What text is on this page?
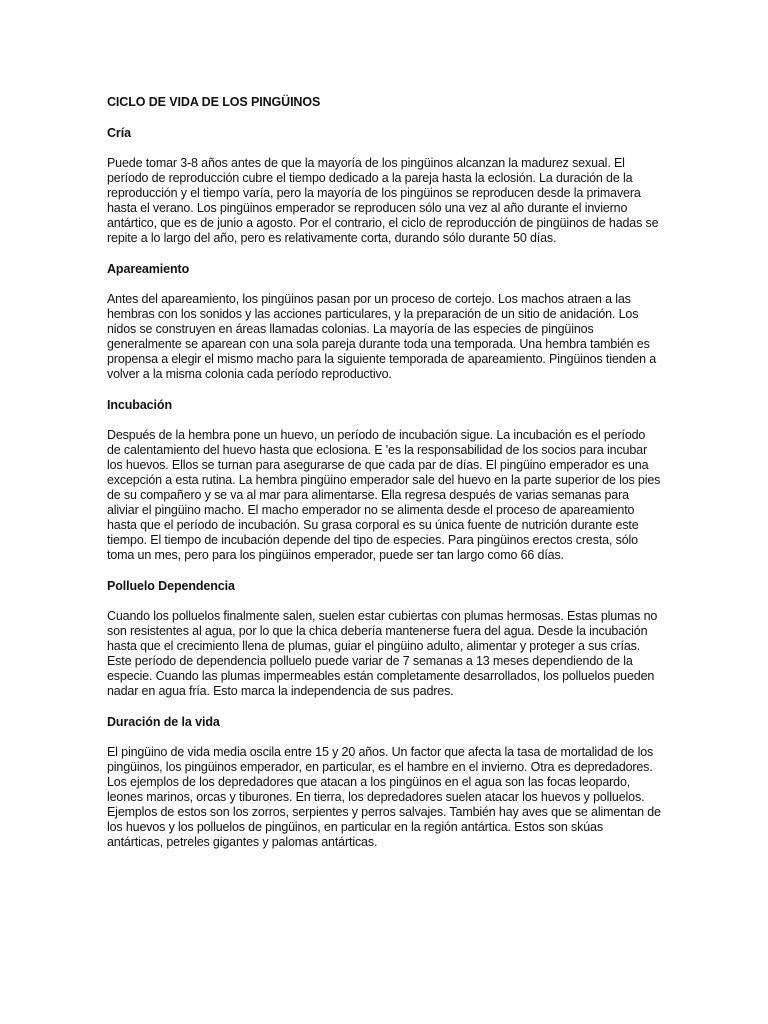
CICLO DE VIDA DE LOS PINGÜINOS
Cría

Puede tomar 3-8 años antes de que la mayoría de los pingüinos alcanzan la madurez sexual. El período de reproducción cubre el tiempo dedicado a la pareja hasta la eclosión. La duración de la reproducción y el tiempo varía, pero la mayoría de los pingüinos se reproducen desde la primavera hasta el verano. Los pingüinos emperador se reproducen sólo una vez al año durante el invierno antártico, que es de junio a agosto. Por el contrario, el ciclo de reproducción de pingüinos de hadas se repite a lo largo del año, pero es relativamente corta, durando sólo durante 50 días.

Apareamiento

Antes del apareamiento, los pingüinos pasan por un proceso de cortejo. Los machos atraen a las hembras con los sonidos y las acciones particulares, y la preparación de un sitio de anidación. Los nidos se construyen en áreas llamadas colonias. La mayoría de las especies de pingüinos generalmente se aparean con una sola pareja durante toda una temporada. Una hembra también es propensa a elegir el mismo macho para la siguiente temporada de apareamiento. Pingüinos tienden a volver a la misma colonia cada período reproductivo.

Incubación

Después de la hembra pone un huevo, un período de incubación sigue. La incubación es el período de calentamiento del huevo hasta que eclosiona. E 'es la responsabilidad de los socios para incubar los huevos. Ellos se turnan para asegurarse de que cada par de días. El pingüino emperador es una excepción a esta rutina. La hembra pingüino emperador sale del huevo en la parte superior de los pies de su compañero y se va al mar para alimentarse. Ella regresa después de varias semanas para aliviar el pingüino macho. El macho emperador no se alimenta desde el proceso de apareamiento hasta que el período de incubación. Su grasa corporal es su única fuente de nutrición durante este tiempo. El tiempo de incubación depende del tipo de especies. Para pingüinos erectos cresta, sólo toma un mes, pero para los pingüinos emperador, puede ser tan largo como 66 días.

Polluelo Dependencia

Cuando los polluelos finalmente salen, suelen estar cubiertas con plumas hermosas. Estas plumas no son resistentes al agua, por lo que la chica debería mantenerse fuera del agua. Desde la incubación hasta que el crecimiento llena de plumas, guiar el pingüino adulto, alimentar y proteger a sus crías. Este período de dependencia polluelo puede variar de 7 semanas a 13 meses dependiendo de la especie. Cuando las plumas impermeables están completamente desarrollados, los polluelos pueden nadar en agua fría. Esto marca la independencia de sus padres.

Duración de la vida

El pingüino de vida media oscila entre 15 y 20 años. Un factor que afecta la tasa de mortalidad de los pingüinos, los pingüinos emperador, en particular, es el hambre en el invierno. Otra es depredadores. Los ejemplos de los depredadores que atacan a los pingüinos en el agua son las focas leopardo, leones marinos, orcas y tiburones. En tierra, los depredadores suelen atacar los huevos y polluelos. Ejemplos de estos son los zorros, serpientes y perros salvajes. También hay aves que se alimentan de los huevos y los polluelos de pingüinos, en particular en la región antártica. Estos son skúas antárticas, petreles gigantes y palomas antárticas.
